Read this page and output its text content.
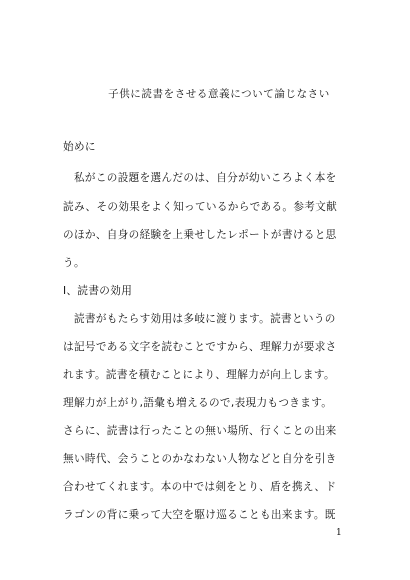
子供に読書をさせる意義について論じなさい
始めに
　私がこの設題を選んだのは、自分が幼いころよく本を
読み、その効果をよく知っているからである。参考文献
のほか、自身の経験を上乗せしたレポートが書けると思
う。
Ⅰ、読書の効用
　読書がもたらす効用は多岐に渡ります。読書というの
は記号である文字を読むことですから、理解力が要求さ
れます。読書を積むことにより、理解力が向上します。
理解力が上がり,語彙も増えるので,表現力もつきます。
さらに、読書は行ったことの無い場所、行くことの出来
無い時代、会うことのかなわない人物などと自分を引き
合わせてくれます。本の中では剣をとり、盾を携え、ド
ラゴンの背に乗って大空を駆け巡ることも出来ます。既
1
